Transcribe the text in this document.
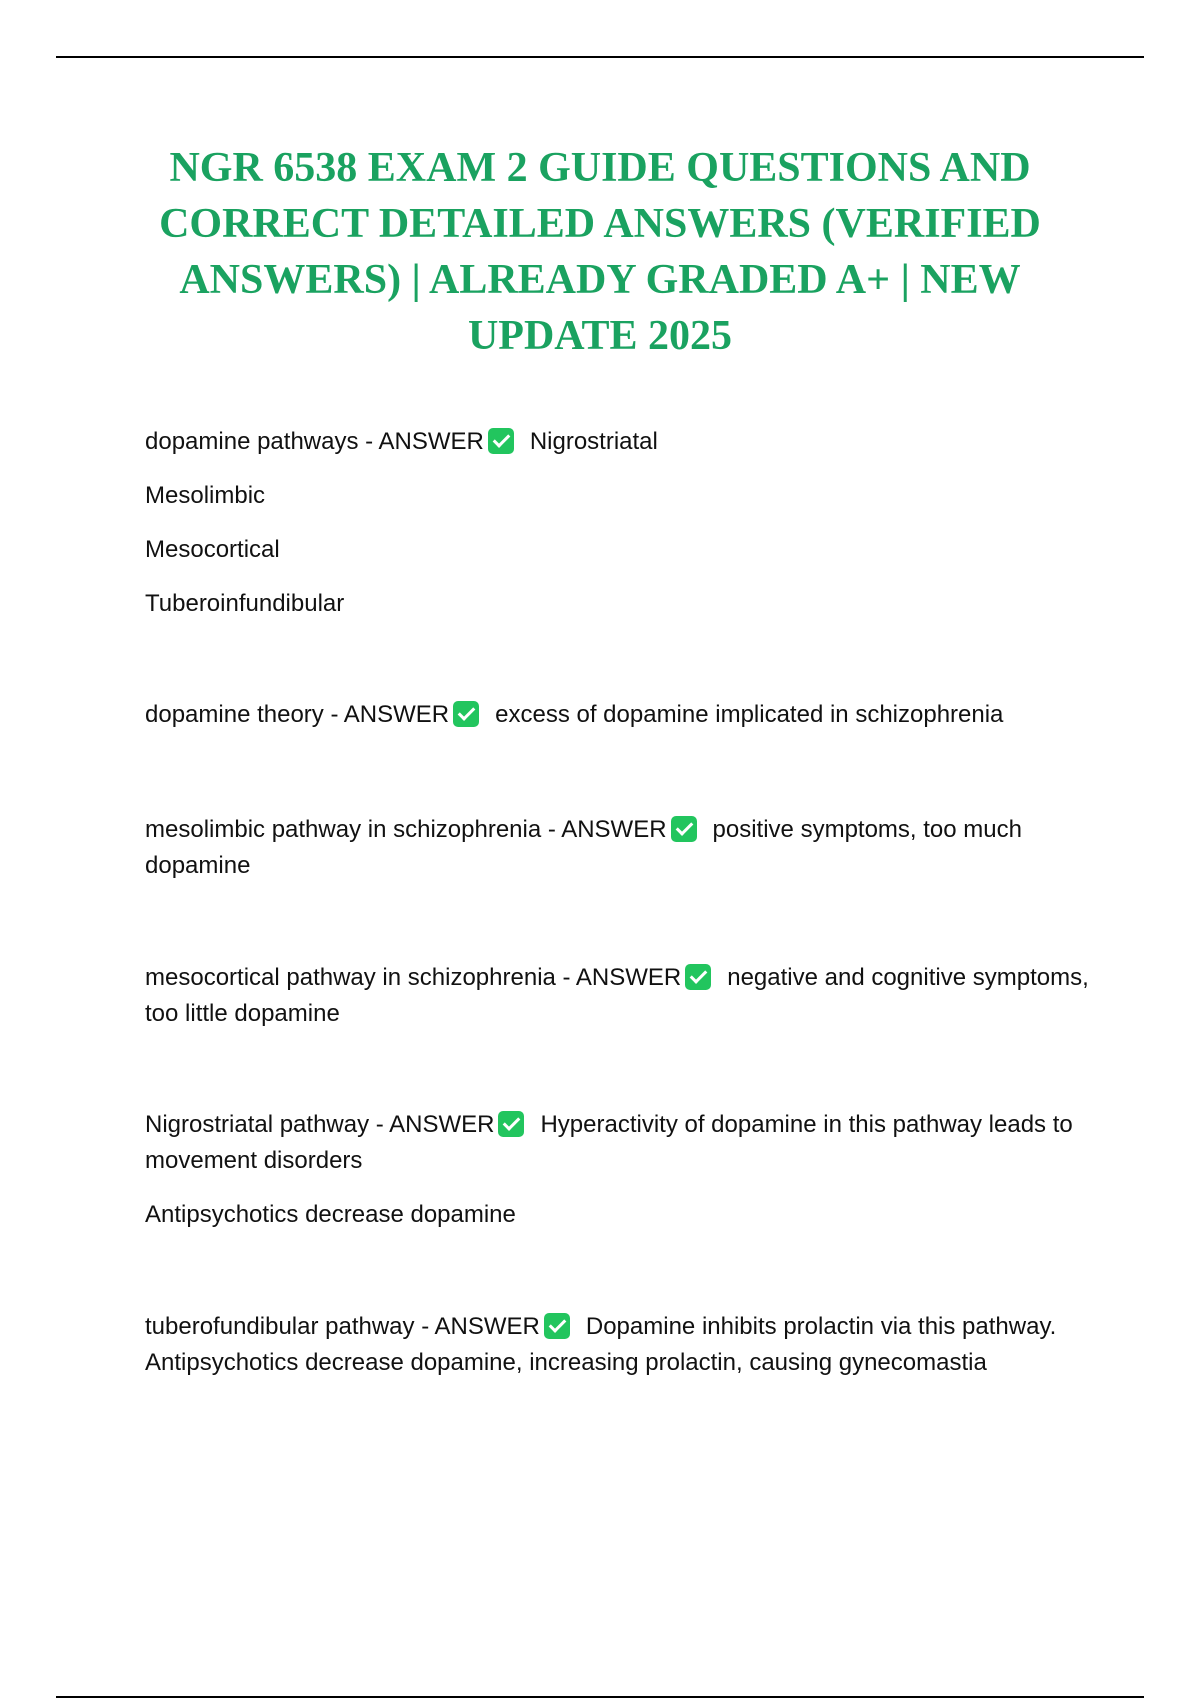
NGR 6538 EXAM 2 GUIDE QUESTIONS AND CORRECT DETAILED ANSWERS (VERIFIED ANSWERS) | ALREADY GRADED A+ | NEW UPDATE 2025

dopamine pathways - ANSWER Nigrostriatal

Mesolimbic

Mesocortical

Tuberoinfundibular

dopamine theory - ANSWER excess of dopamine implicated in schizophrenia

mesolimbic pathway in schizophrenia - ANSWER positive symptoms, too much dopamine

mesocortical pathway in schizophrenia - ANSWER negative and cognitive symptoms, too little dopamine

Nigrostriatal pathway - ANSWER Hyperactivity of dopamine in this pathway leads to movement disorders

Antipsychotics decrease dopamine

tuberofundibular pathway - ANSWER Dopamine inhibits prolactin via this pathway. Antipsychotics decrease dopamine, increasing prolactin, causing gynecomastia
